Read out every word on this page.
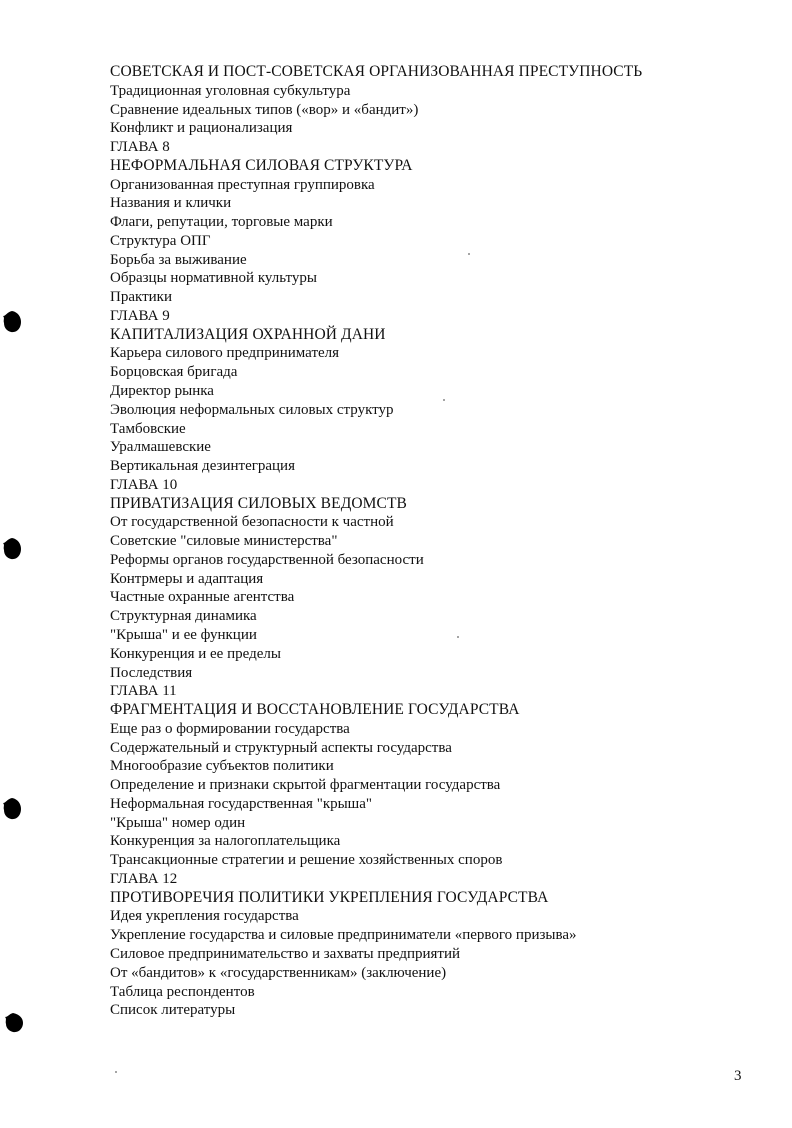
СОВЕТСКАЯ И ПОСТ-СОВЕТСКАЯ ОРГАНИЗОВАННАЯ ПРЕСТУПНОСТЬ
Традиционная уголовная субкультура
Сравнение идеальных типов («вор» и «бандит»)
Конфликт и рационализация
ГЛАВА 8
НЕФОРМАЛЬНАЯ СИЛОВАЯ СТРУКТУРА
Организованная преступная группировка
Названия и клички
Флаги, репутации, торговые марки
Структура ОПГ
Борьба за выживание
Образцы нормативной культуры
Практики
ГЛАВА 9
КАПИТАЛИЗАЦИЯ ОХРАННОЙ ДАНИ
Карьера силового предпринимателя
Борцовская бригада
Директор рынка
Эволюция неформальных силовых структур
Тамбовские
Уралмашевские
Вертикальная дезинтеграция
ГЛАВА 10
ПРИВАТИЗАЦИЯ СИЛОВЫХ ВЕДОМСТВ
От государственной безопасности к частной
Советские "силовые министерства"
Реформы органов государственной безопасности
Контрмеры и адаптация
Частные охранные агентства
Структурная динамика
"Крыша" и ее функции
Конкуренция и ее пределы
Последствия
ГЛАВА 11
ФРАГМЕНТАЦИЯ И ВОССТАНОВЛЕНИЕ ГОСУДАРСТВА
Еще раз о формировании государства
Содержательный и структурный аспекты государства
Многообразие субъектов политики
Определение и признаки скрытой фрагментации государства
Неформальная государственная "крыша"
"Крыша" номер один
Конкуренция за налогоплательщика
Трансакционные стратегии и решение хозяйственных споров
ГЛАВА 12
ПРОТИВОРЕЧИЯ ПОЛИТИКИ УКРЕПЛЕНИЯ ГОСУДАРСТВА
Идея укрепления государства
Укрепление государства и силовые предприниматели «первого призыва»
Силовое предпринимательство и захваты предприятий
От «бандитов» к «государственникам» (заключение)
Таблица респондентов
Список литературы
3
